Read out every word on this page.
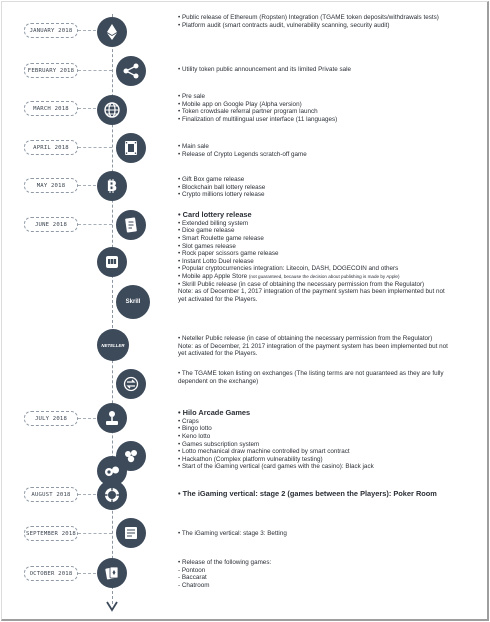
JANUARY 2018
FEBRUARY 2018
MARCH 2018
APRIL 2018
MAY 2018
JUNE 2018
JULY 2018
AUGUST 2018
SEPTEMBER 2018
OCTOBER 2018
B
Skrill
NETELLER
• Public release of Ethereum (Ropsten) Integration (TGAME token deposits/withdrawals tests)
• Platform audit (smart contracts audit, vulnerability scanning, security audit)
• Utility token public announcement and its limited Private sale
• Pre sale
• Mobile app on Google Play (Alpha version)
• Token crowdsale referral partner program launch
• Finalization of multilingual user interface (11 languages)
• Main sale
• Release of Crypto Legends scratch-off game
• Gift Box game release
• Blockchain ball lottery release
• Crypto millions lottery release
• Card lottery release
• Extended billing system
• Dice game release
• Smart Roulette game release
• Slot games release
• Rock paper scissors game release
• Instant Lotto Duel release
• Popular cryptocurrencies integration: Litecoin, DASH, DOGECOIN and others
• Mobile app Apple Store (not guaranteed, because the decision about publishing is made by Apple)
• Skrill Public release (in case of obtaining the necessary permission from the Regulator)
Note: as of December 1, 2017 integration of the payment system has been implemented but not
yet activated for the Players.
• Neteller Public release (in case of obtaining the necessary permission from the Regulator)
Note: as of December, 21 2017 integration of the payment system has been implemented but not
yet activated for the Players.
• The TGAME token listing on exchanges (The listing terms are not guaranteed as they are fully
dependent on the exchange)
• Hilo Arcade Games
• Craps
• Bingo lotto
• Keno lotto
• Games subscription system
• Lotto mechanical draw machine controlled by smart contract
• Hackathon (Complex platform vulnerability testing)
• Start of the iGaming vertical (card games with the casino): Black jack
• The iGaming vertical: stage 2 (games between the Players): Poker Room
• The iGaming vertical: stage 3: Betting
• Release of the following games:
- Pontoon
- Baccarat
- Chatroom
